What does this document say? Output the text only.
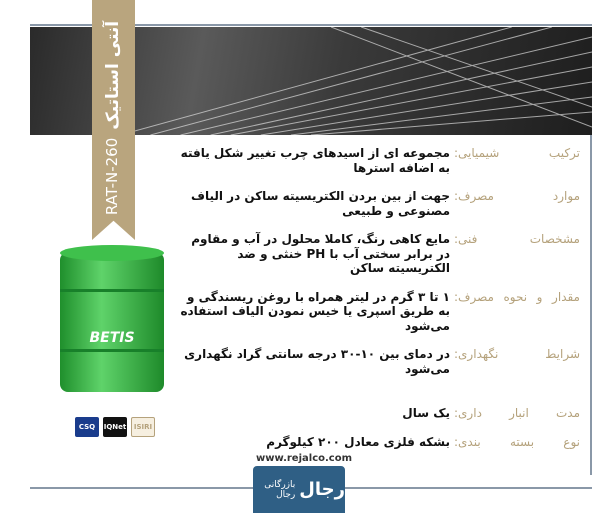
RAT-N-260
آنتی استاتیک
BETIS
CSQ	IQNet	ISIRI
ترکیب شیمیایی:
مجموعه ای از اسیدهای چرب تغییر شکل یافته به اضافه استرها
موارد مصرف:
جهت از بین بردن الکتریسیته ساکن در الیاف مصنوعی و طبیعی
مشخصات فنی:
مایع کاهی رنگ، کاملا محلول در آب و مقاوم در برابر سختی آب با PH خنثی و ضد الکتریسیته ساکن
مقدار و نحوه مصرف:
۱ تا ۳ گرم در لیتر همراه با روغن ریسندگی و به طریق اسپری یا خیس نمودن الیاف استفاده می‌شود
شرایط نگهداری:
در دمای بین ۱۰-۳۰ درجه سانتی گراد نگهداری می‌شود
مدت انبار داری:
یک سال
نوع بسته بندی:
بشکه فلزی معادل ۲۰۰ کیلوگرم
www.rejalco.com
رجال
بازرگانی رجال
